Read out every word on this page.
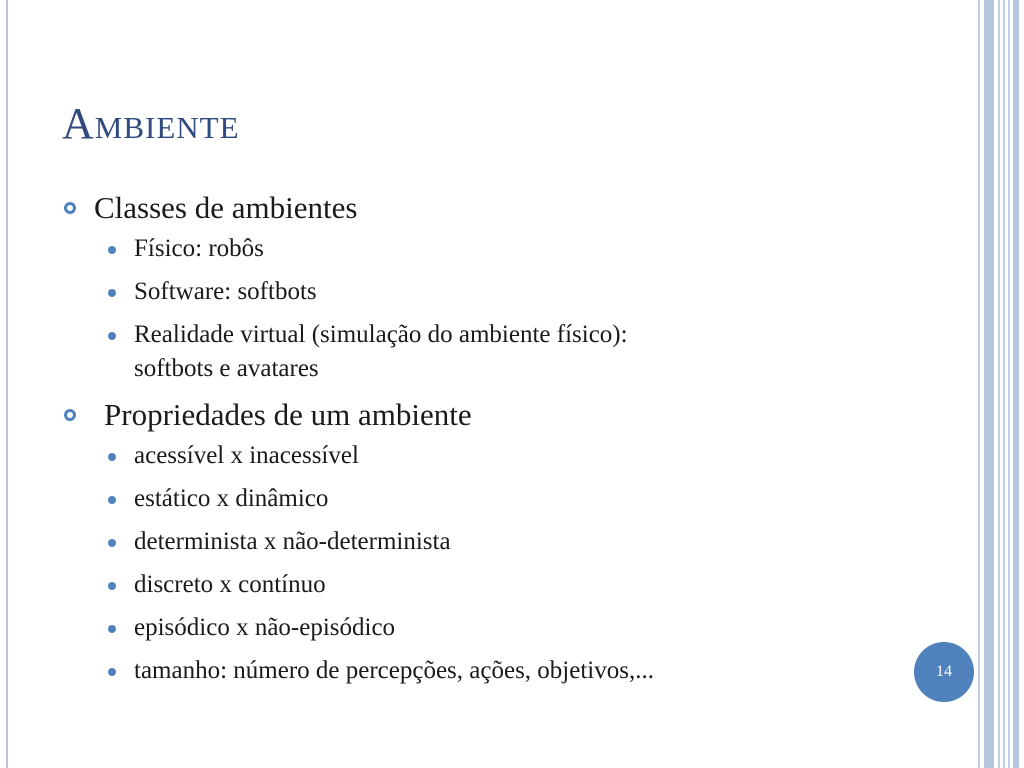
Ambiente
Classes de ambientes
Físico: robôs
Software: softbots
Realidade virtual (simulação do ambiente físico):
softbots e avatares
Propriedades de um ambiente
acessível x inacessível
estático x dinâmico
determinista x não-determinista
discreto x contínuo
episódico x não-episódico
tamanho: número de percepções, ações, objetivos,...	14
